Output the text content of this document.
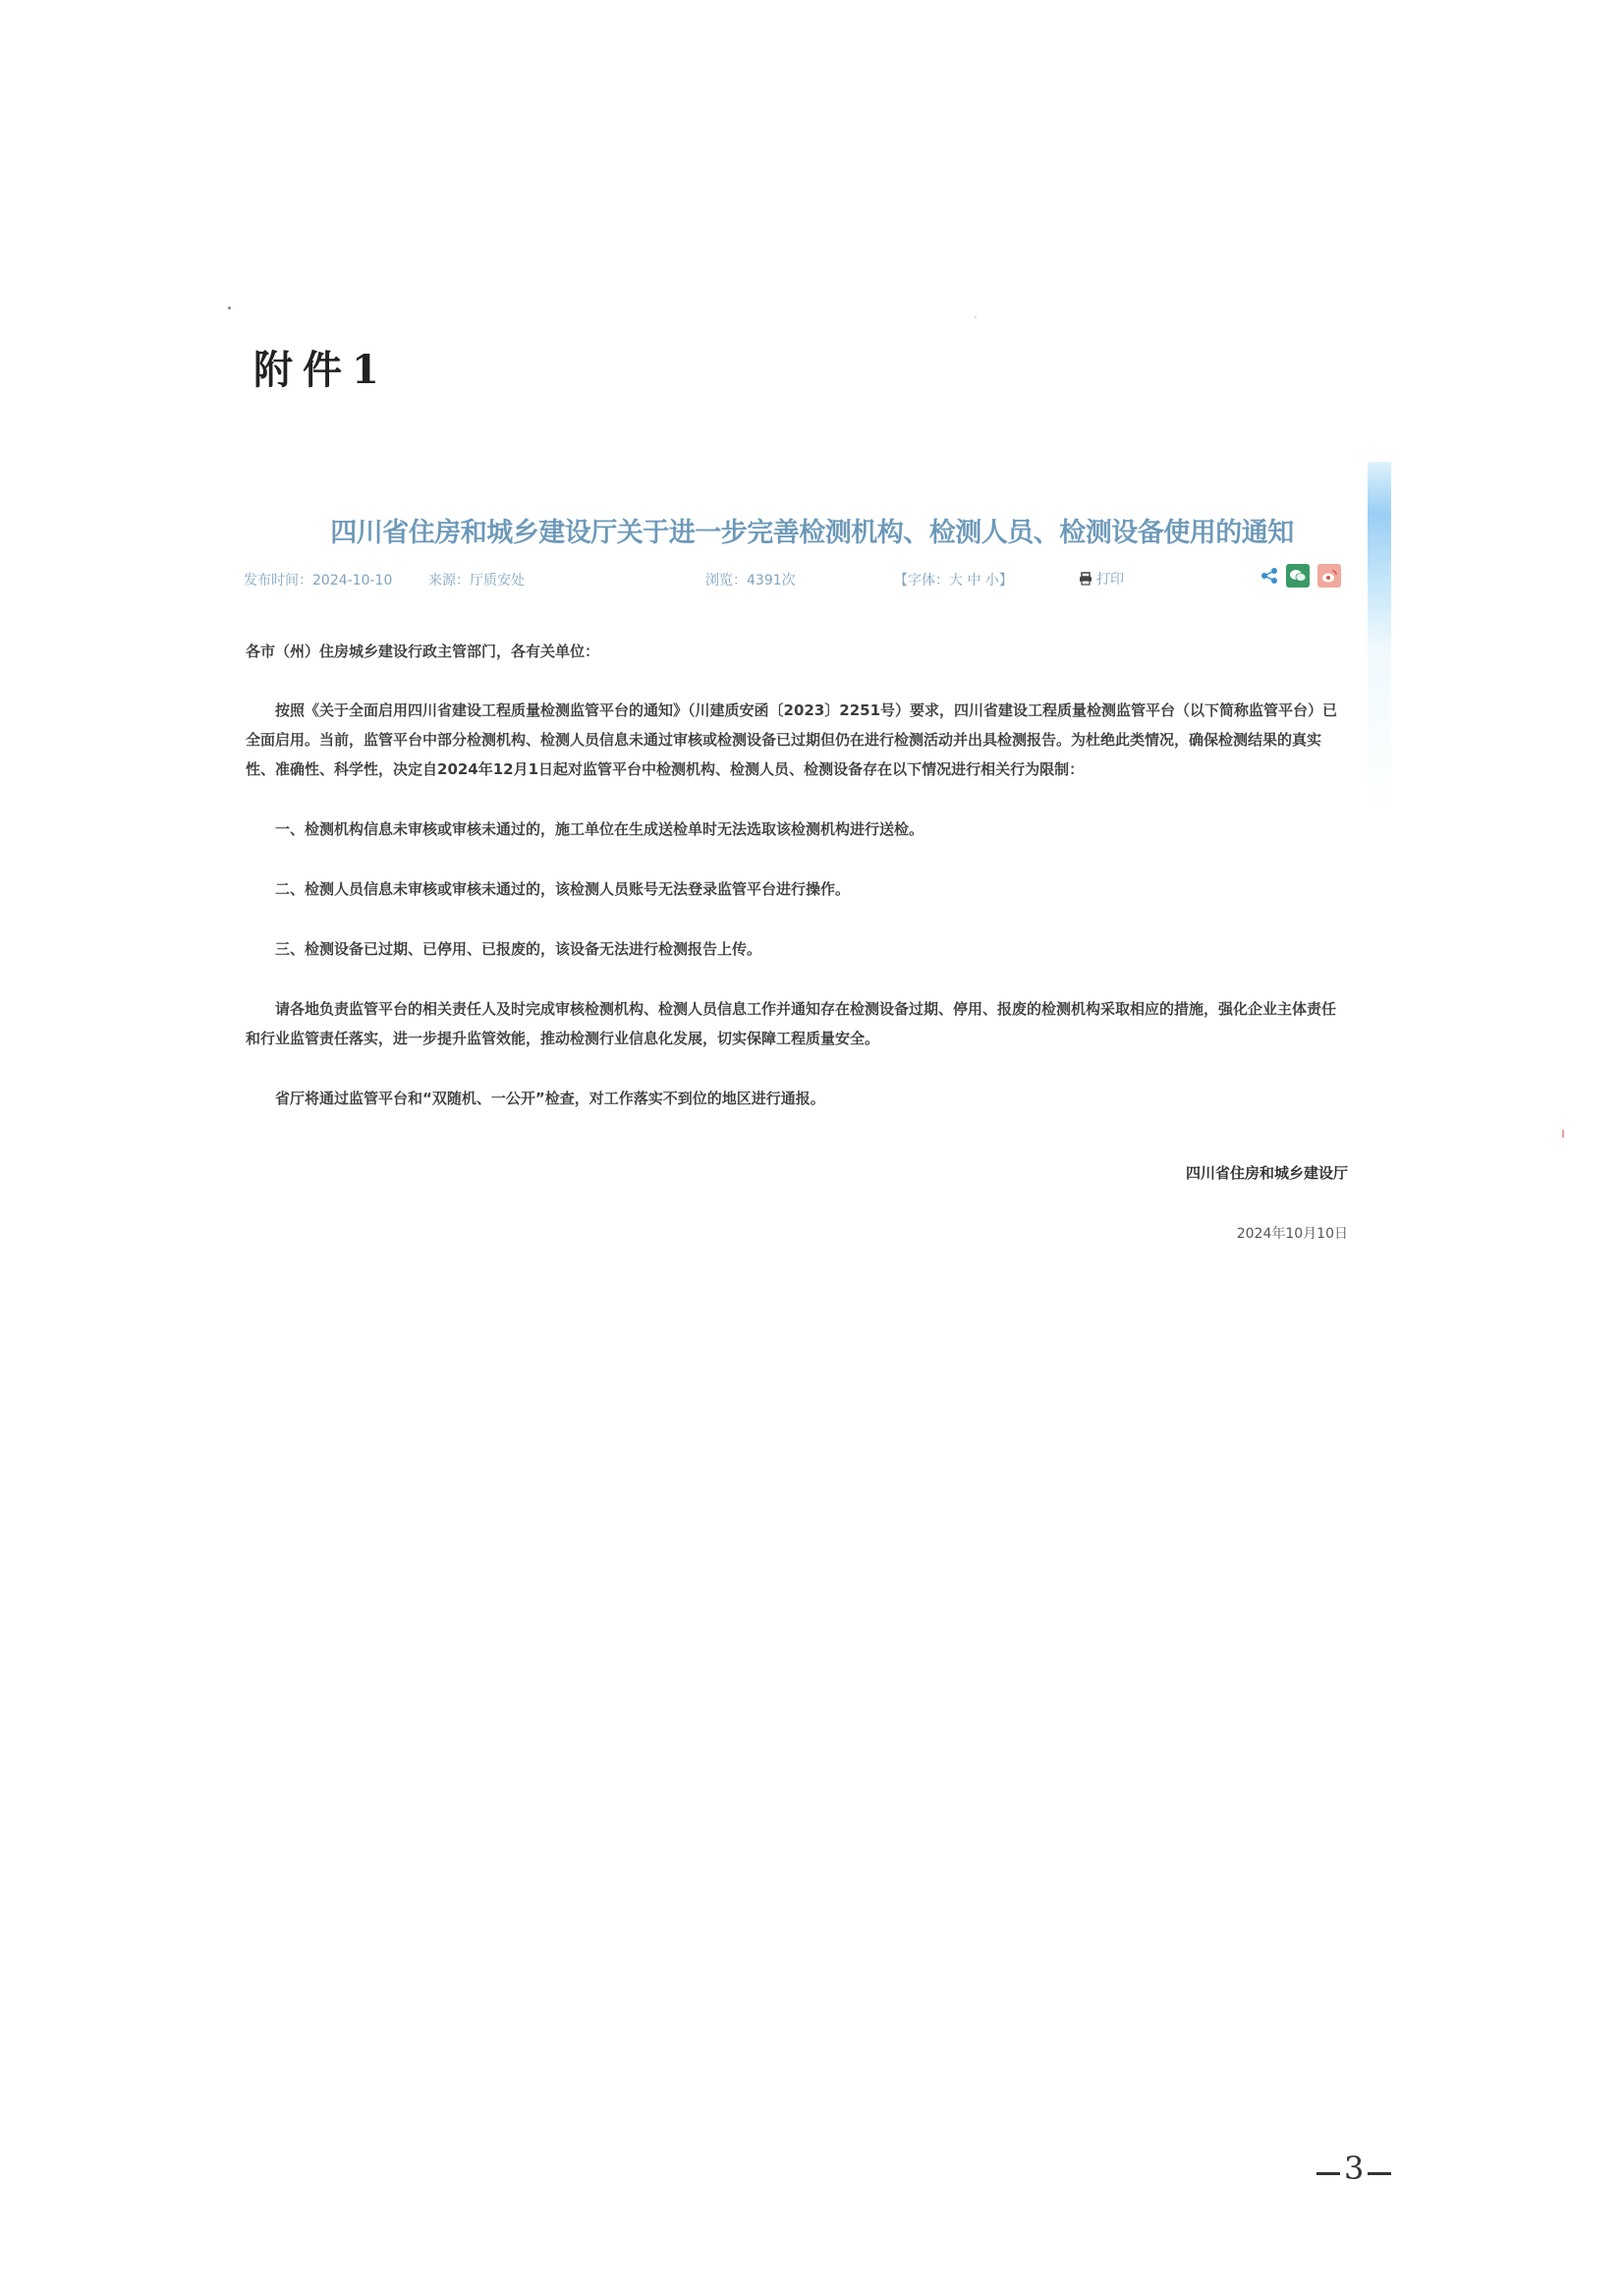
附件1
四川省住房和城乡建设厅关于进一步完善检测机构、检测人员、检测设备使用的通知
发布时间：2024-10-10	来源：厅质安处	浏览：4391次	【字体：大 中 小】	打印

各市（州）住房城乡建设行政主管部门，各有关单位：

按照《关于全面启用四川省建设工程质量检测监管平台的通知》（川建质安函〔2023〕2251号）要求，四川省建设工程质量检测监管平台（以下简称监管平台）已全面启用。当前，监管平台中部分检测机构、检测人员信息未通过审核或检测设备已过期但仍在进行检测活动并出具检测报告。为杜绝此类情况，确保检测结果的真实性、准确性、科学性，决定自2024年12月1日起对监管平台中检测机构、检测人员、检测设备存在以下情况进行相关行为限制：

一、检测机构信息未审核或审核未通过的，施工单位在生成送检单时无法选取该检测机构进行送检。

二、检测人员信息未审核或审核未通过的，该检测人员账号无法登录监管平台进行操作。

三、检测设备已过期、已停用、已报废的，该设备无法进行检测报告上传。

请各地负责监管平台的相关责任人及时完成审核检测机构、检测人员信息工作并通知存在检测设备过期、停用、报废的检测机构采取相应的措施，强化企业主体责任和行业监管责任落实，进一步提升监管效能，推动检测行业信息化发展，切实保障工程质量安全。

省厅将通过监管平台和“双随机、一公开”检查，对工作落实不到位的地区进行通报。

四川省住房和城乡建设厅
2024年10月10日
3
